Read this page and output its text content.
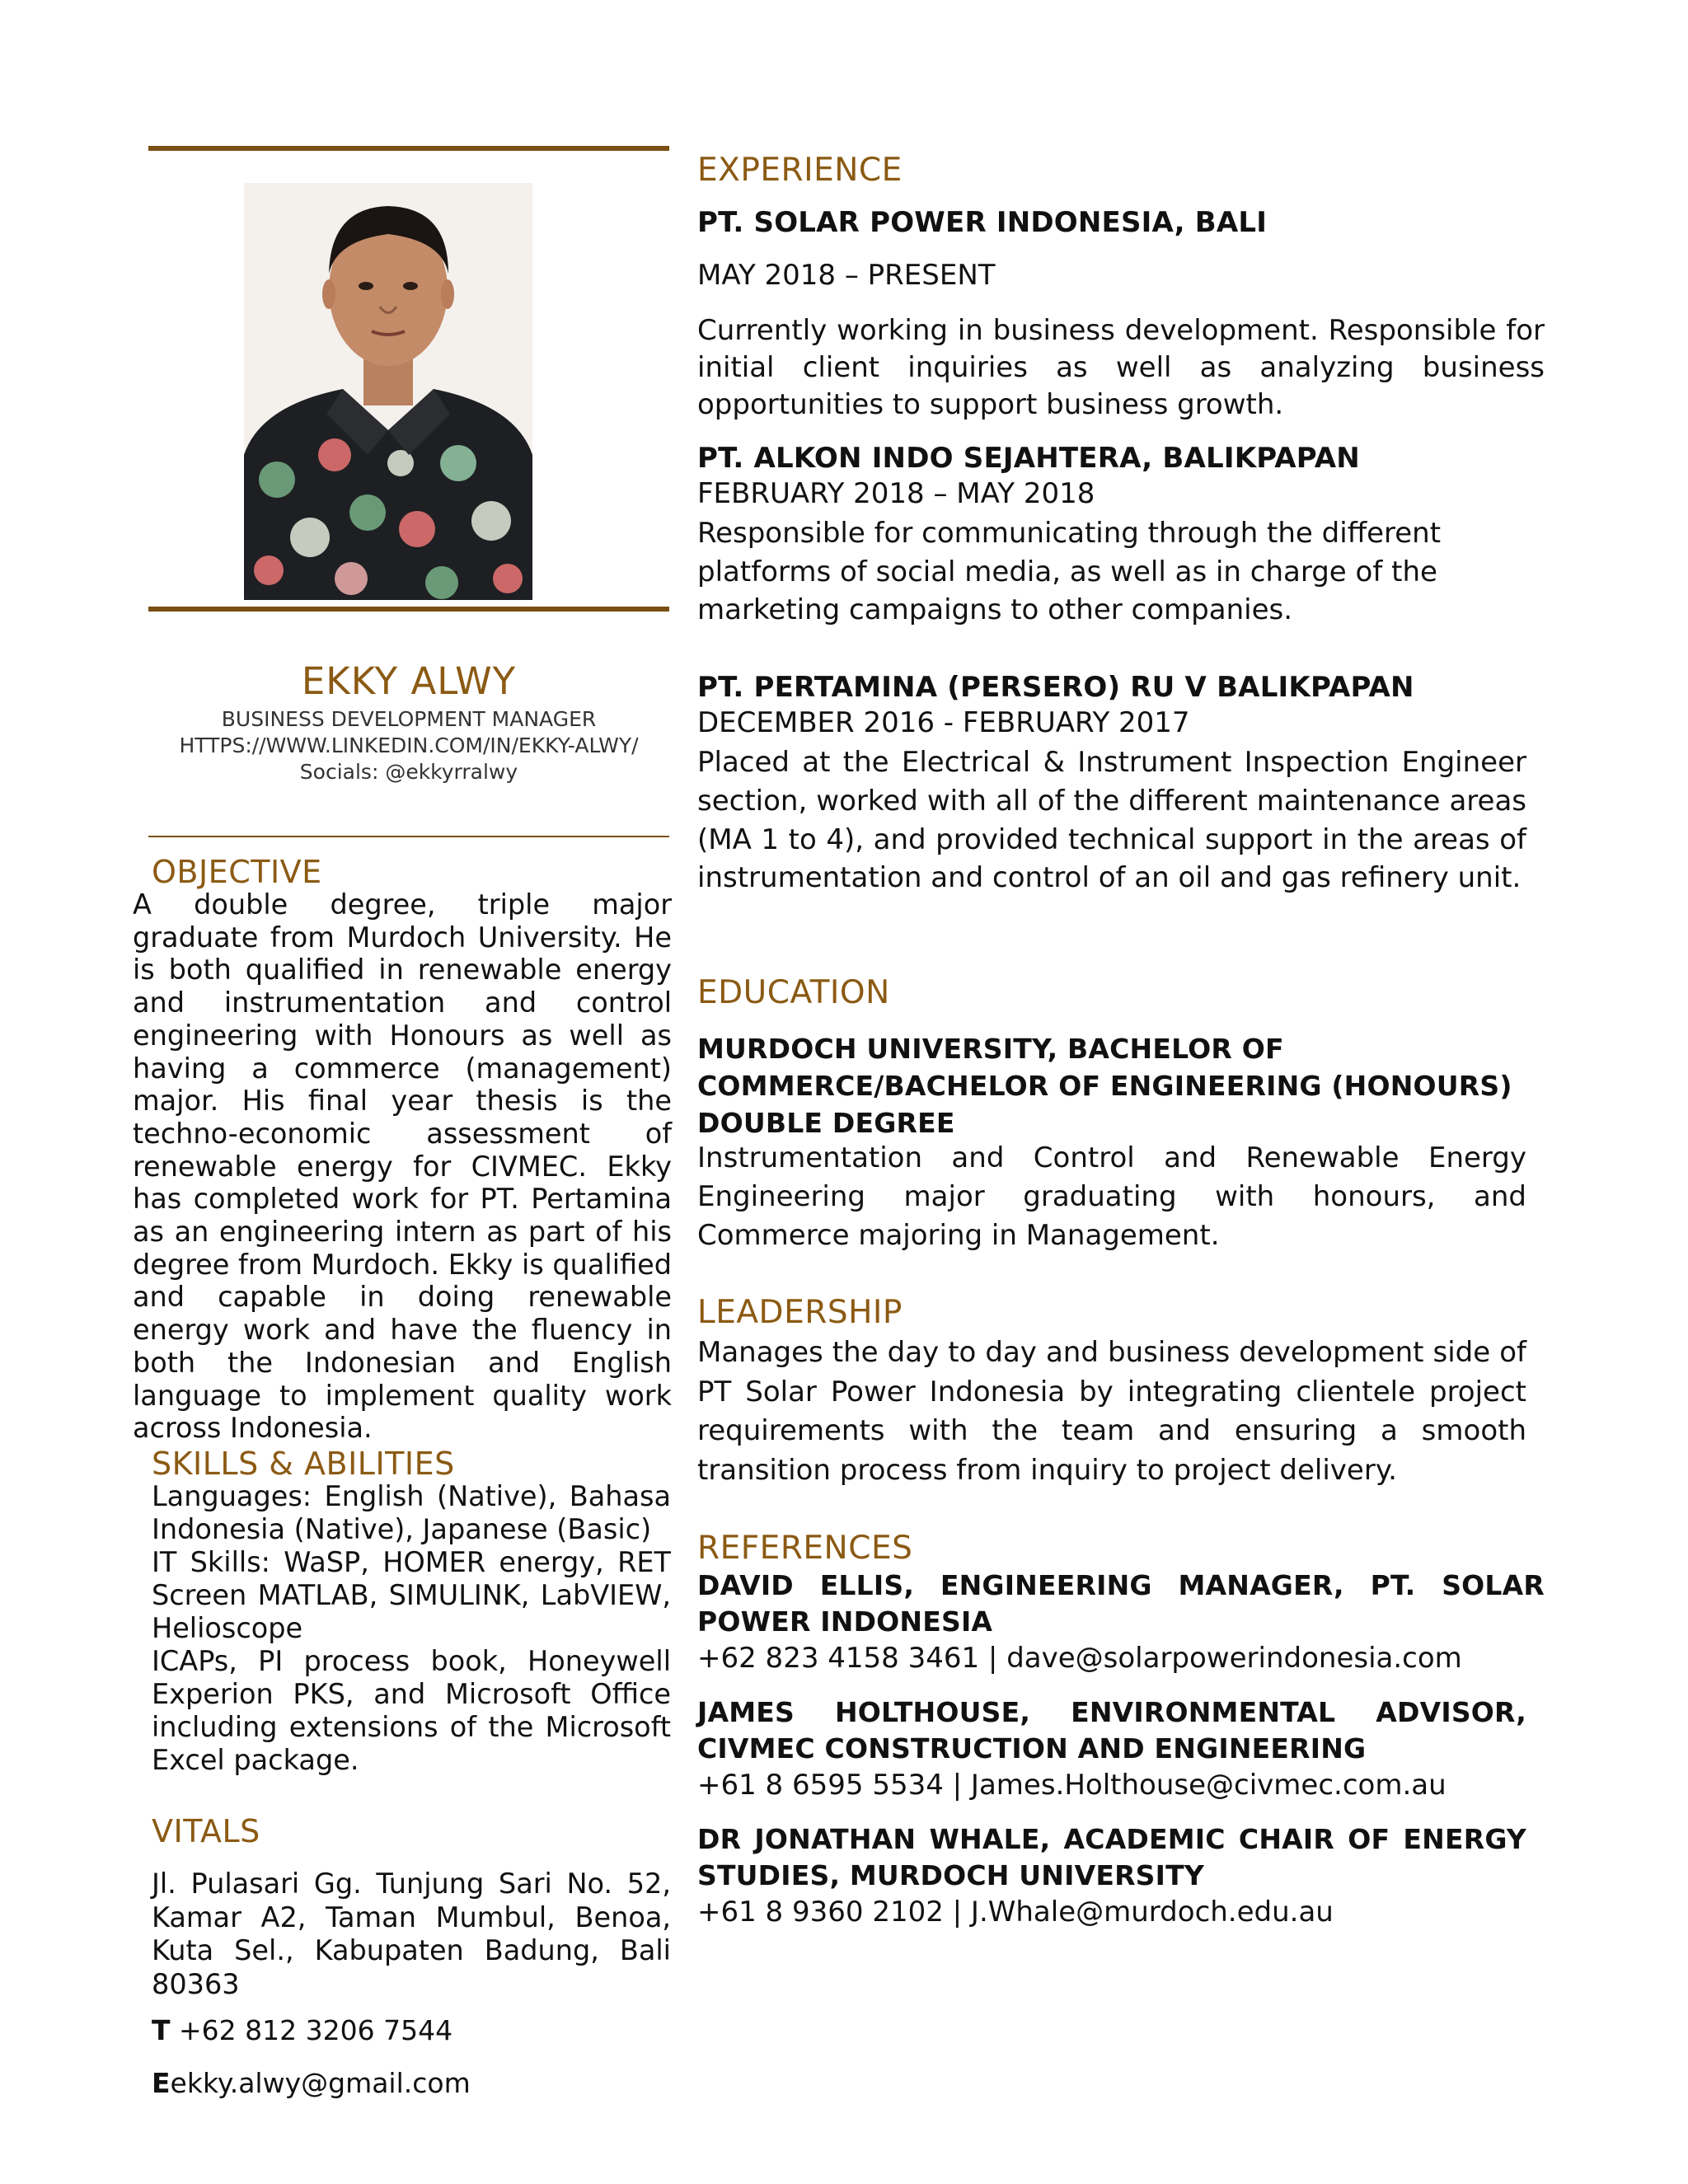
EKKY ALWY
BUSINESS DEVELOPMENT MANAGER
HTTPS://WWW.LINKEDIN.COM/IN/EKKY-ALWY/
Socials: @ekkyrralwy
OBJECTIVE
A double degree, triple major graduate from Murdoch University. He is both qualified in renewable energy and instrumentation and control engineering with Honours as well as having a commerce (management) major. His final year thesis is the techno-economic assessment of renewable energy for CIVMEC. Ekky has completed work for PT. Pertamina as an engineering intern as part of his degree from Murdoch. Ekky is qualified and capable in doing renewable energy work and have the fluency in both the Indonesian and English language to implement quality work across Indonesia.
SKILLS & ABILITIES
Languages: English (Native), Bahasa Indonesia (Native), Japanese (Basic)
IT Skills: WaSP, HOMER energy, RET Screen MATLAB, SIMULINK, LabVIEW, Helioscope
ICAPs, PI process book, Honeywell Experion PKS, and Microsoft Office including extensions of the Microsoft Excel package.
VITALS
Jl. Pulasari Gg. Tunjung Sari No. 52, Kamar A2, Taman Mumbul, Benoa, Kuta Sel., Kabupaten Badung, Bali 80363
T +62 812 3206 7544
Eekky.alwy@gmail.com
EXPERIENCE
PT. SOLAR POWER INDONESIA, BALI
MAY 2018 – PRESENT
Currently working in business development. Responsible for initial client inquiries as well as analyzing business opportunities to support business growth.
PT. ALKON INDO SEJAHTERA, BALIKPAPAN
FEBRUARY 2018 – MAY 2018
Responsible for communicating through the different platforms of social media, as well as in charge of the marketing campaigns to other companies.
PT. PERTAMINA (PERSERO) RU V BALIKPAPAN
DECEMBER 2016 - FEBRUARY 2017
Placed at the Electrical & Instrument Inspection Engineer section, worked with all of the different maintenance areas (MA 1 to 4), and provided technical support in the areas of instrumentation and control of an oil and gas refinery unit.
EDUCATION
MURDOCH UNIVERSITY, BACHELOR OF COMMERCE/BACHELOR OF ENGINEERING (HONOURS) DOUBLE DEGREE
Instrumentation and Control and Renewable Energy Engineering major graduating with honours, and Commerce majoring in Management.
LEADERSHIP
Manages the day to day and business development side of PT Solar Power Indonesia by integrating clientele project requirements with the team and ensuring a smooth transition process from inquiry to project delivery.
REFERENCES
DAVID ELLIS, ENGINEERING MANAGER, PT. SOLAR POWER INDONESIA
+62 823 4158 3461 | dave@solarpowerindonesia.com
JAMES HOLTHOUSE, ENVIRONMENTAL ADVISOR, CIVMEC CONSTRUCTION AND ENGINEERING
+61 8 6595 5534 | James.Holthouse@civmec.com.au
DR JONATHAN WHALE, ACADEMIC CHAIR OF ENERGY STUDIES, MURDOCH UNIVERSITY
+61 8 9360 2102 | J.Whale@murdoch.edu.au
